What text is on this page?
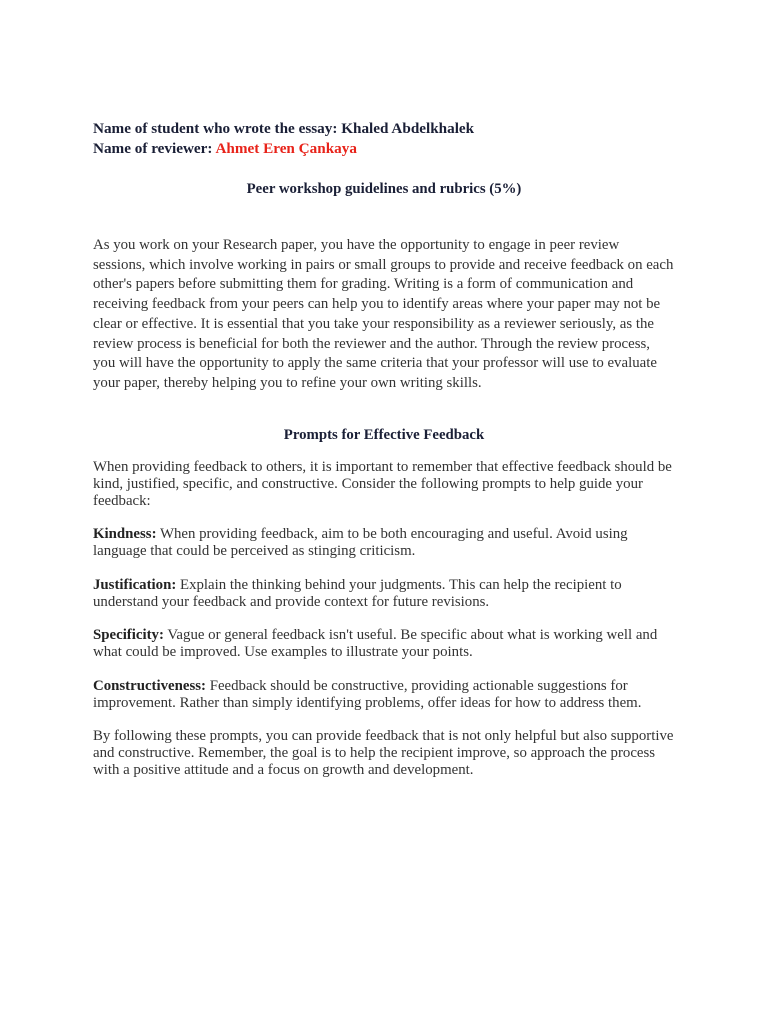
Name of student who wrote the essay: Khaled Abdelkhalek
Name of reviewer: Ahmet Eren Çankaya
Peer workshop guidelines and rubrics (5%)

As you work on your Research paper, you have the opportunity to engage in peer review sessions, which involve working in pairs or small groups to provide and receive feedback on each other's papers before submitting them for grading. Writing is a form of communication and receiving feedback from your peers can help you to identify areas where your paper may not be clear or effective. It is essential that you take your responsibility as a reviewer seriously, as the review process is beneficial for both the reviewer and the author. Through the review process, you will have the opportunity to apply the same criteria that your professor will use to evaluate your paper, thereby helping you to refine your own writing skills.

Prompts for Effective Feedback

When providing feedback to others, it is important to remember that effective feedback should be kind, justified, specific, and constructive. Consider the following prompts to help guide your feedback:

Kindness: When providing feedback, aim to be both encouraging and useful. Avoid using language that could be perceived as stinging criticism.

Justification: Explain the thinking behind your judgments. This can help the recipient to understand your feedback and provide context for future revisions.

Specificity: Vague or general feedback isn't useful. Be specific about what is working well and what could be improved. Use examples to illustrate your points.

Constructiveness: Feedback should be constructive, providing actionable suggestions for improvement. Rather than simply identifying problems, offer ideas for how to address them.

By following these prompts, you can provide feedback that is not only helpful but also supportive and constructive. Remember, the goal is to help the recipient improve, so approach the process with a positive attitude and a focus on growth and development.
